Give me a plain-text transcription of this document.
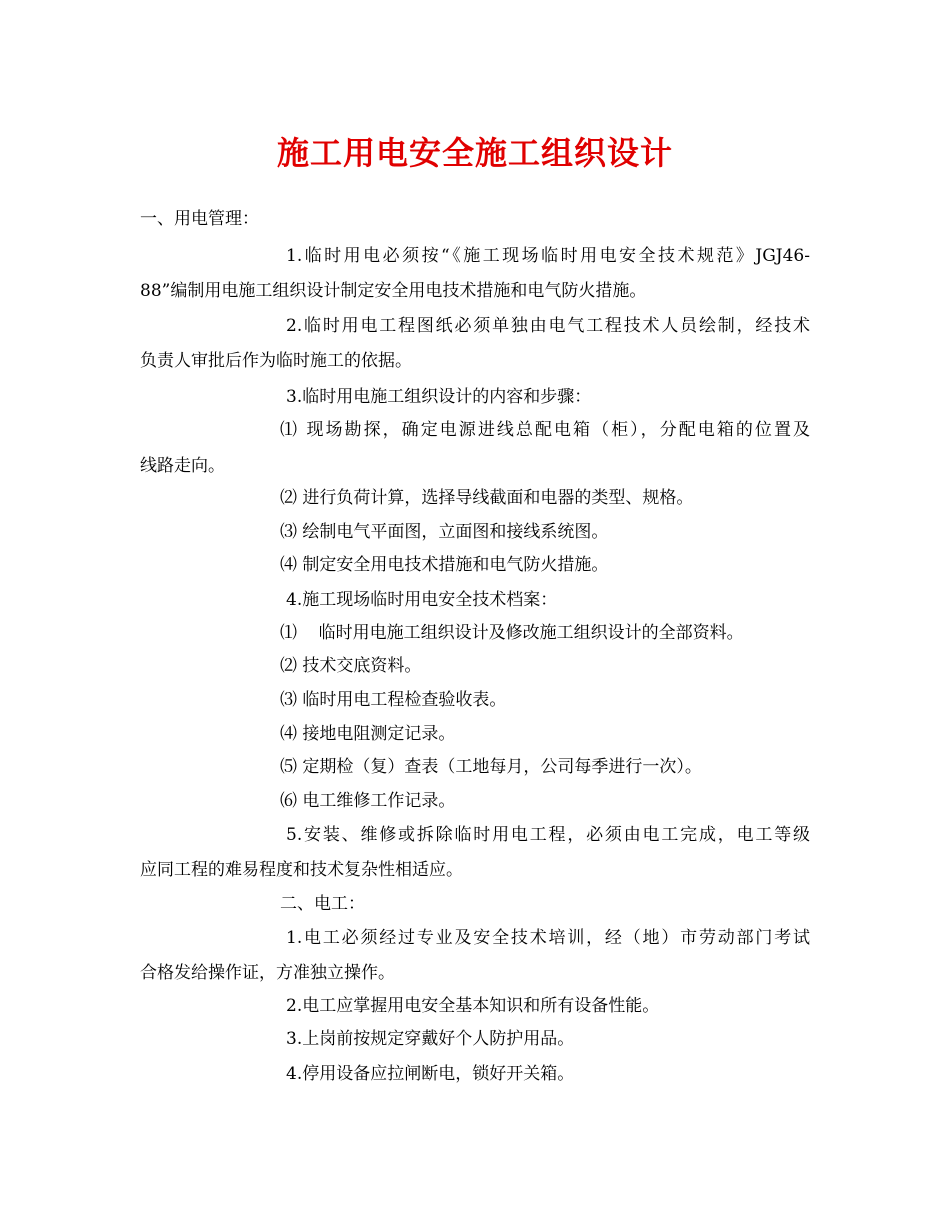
施工用电安全施工组织设计
一、用电管理：
1.临时用电必须按“《施工现场临时用电安全技术规范》JGJ46-
88”编制用电施工组织设计制定安全用电技术措施和电气防火措施。
2.临时用电工程图纸必须单独由电气工程技术人员绘制，经技术
负责人审批后作为临时施工的依据。
3.临时用电施工组织设计的内容和步骤：
⑴ 现场勘探，确定电源进线总配电箱（柜），分配电箱的位置及
线路走向。
⑵ 进行负荷计算，选择导线截面和电器的类型、规格。
⑶ 绘制电气平面图，立面图和接线系统图。
⑷ 制定安全用电技术措施和电气防火措施。
4.施工现场临时用电安全技术档案：
⑴    临时用电施工组织设计及修改施工组织设计的全部资料。
⑵ 技术交底资料。
⑶ 临时用电工程检查验收表。
⑷ 接地电阻测定记录。
⑸ 定期检（复）查表（工地每月，公司每季进行一次）。
⑹ 电工维修工作记录。
5.安装、维修或拆除临时用电工程，必须由电工完成，电工等级
应同工程的难易程度和技术复杂性相适应。
二、电工：
1.电工必须经过专业及安全技术培训，经（地）市劳动部门考试
合格发给操作证，方准独立操作。
2.电工应掌握用电安全基本知识和所有设备性能。
3.上岗前按规定穿戴好个人防护用品。
4.停用设备应拉闸断电，锁好开关箱。
